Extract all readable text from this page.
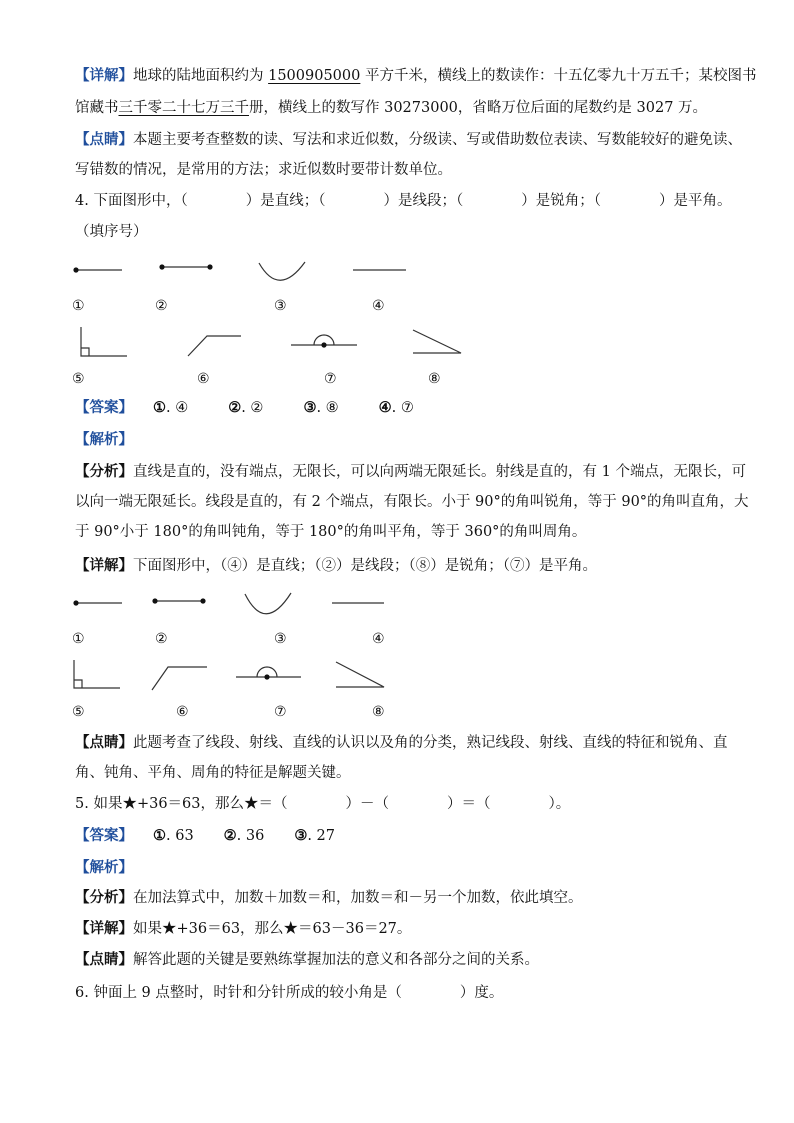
【详解】地球的陆地面积约为 1500905000 平方千米，横线上的数读作：十五亿零九十万五千；某校图书
馆藏书三千零二十七万三千册，横线上的数写作 30273000，省略万位后面的尾数约是 3027 万。
【点睛】本题主要考查整数的读、写法和求近似数，分级读、写或借助数位表读、写数能较好的避免读、
写错数的情况，是常用的方法；求近似数时要带计数单位。
4. 下面图形中，（　　　　）是直线；（　　　　）是线段；（　　　　）是锐角；（　　　　）是平角。
（填序号）
①	②	③	④
⑤	⑥	⑦	⑧
【答案】 ①. ④	②. ②	③. ⑧	④. ⑦
【解析】
【分析】直线是直的，没有端点，无限长，可以向两端无限延长。射线是直的，有 1 个端点，无限长，可
以向一端无限延长。线段是直的，有 2 个端点，有限长。小于 90°的角叫锐角，等于 90°的角叫直角，大
于 90°小于 180°的角叫钝角，等于 180°的角叫平角，等于 360°的角叫周角。
【详解】下面图形中，（④）是直线；（②）是线段；（⑧）是锐角；（⑦）是平角。
①	②	③	④
⑤	⑥	⑦	⑧
【点睛】此题考查了线段、射线、直线的认识以及角的分类，熟记线段、射线、直线的特征和锐角、直
角、钝角、平角、周角的特征是解题关键。
5. 如果★+36＝63，那么★＝（　　　　）－（　　　　）＝（　　　　）。
【答案】 ①. 63 ②. 36 ③. 27
【解析】
【分析】在加法算式中，加数＋加数＝和，加数＝和－另一个加数，依此填空。
【详解】如果★+36＝63，那么★＝63－36＝27。
【点睛】解答此题的关键是要熟练掌握加法的意义和各部分之间的关系。
6. 钟面上 9 点整时，时针和分针所成的较小角是（　　　　）度。
